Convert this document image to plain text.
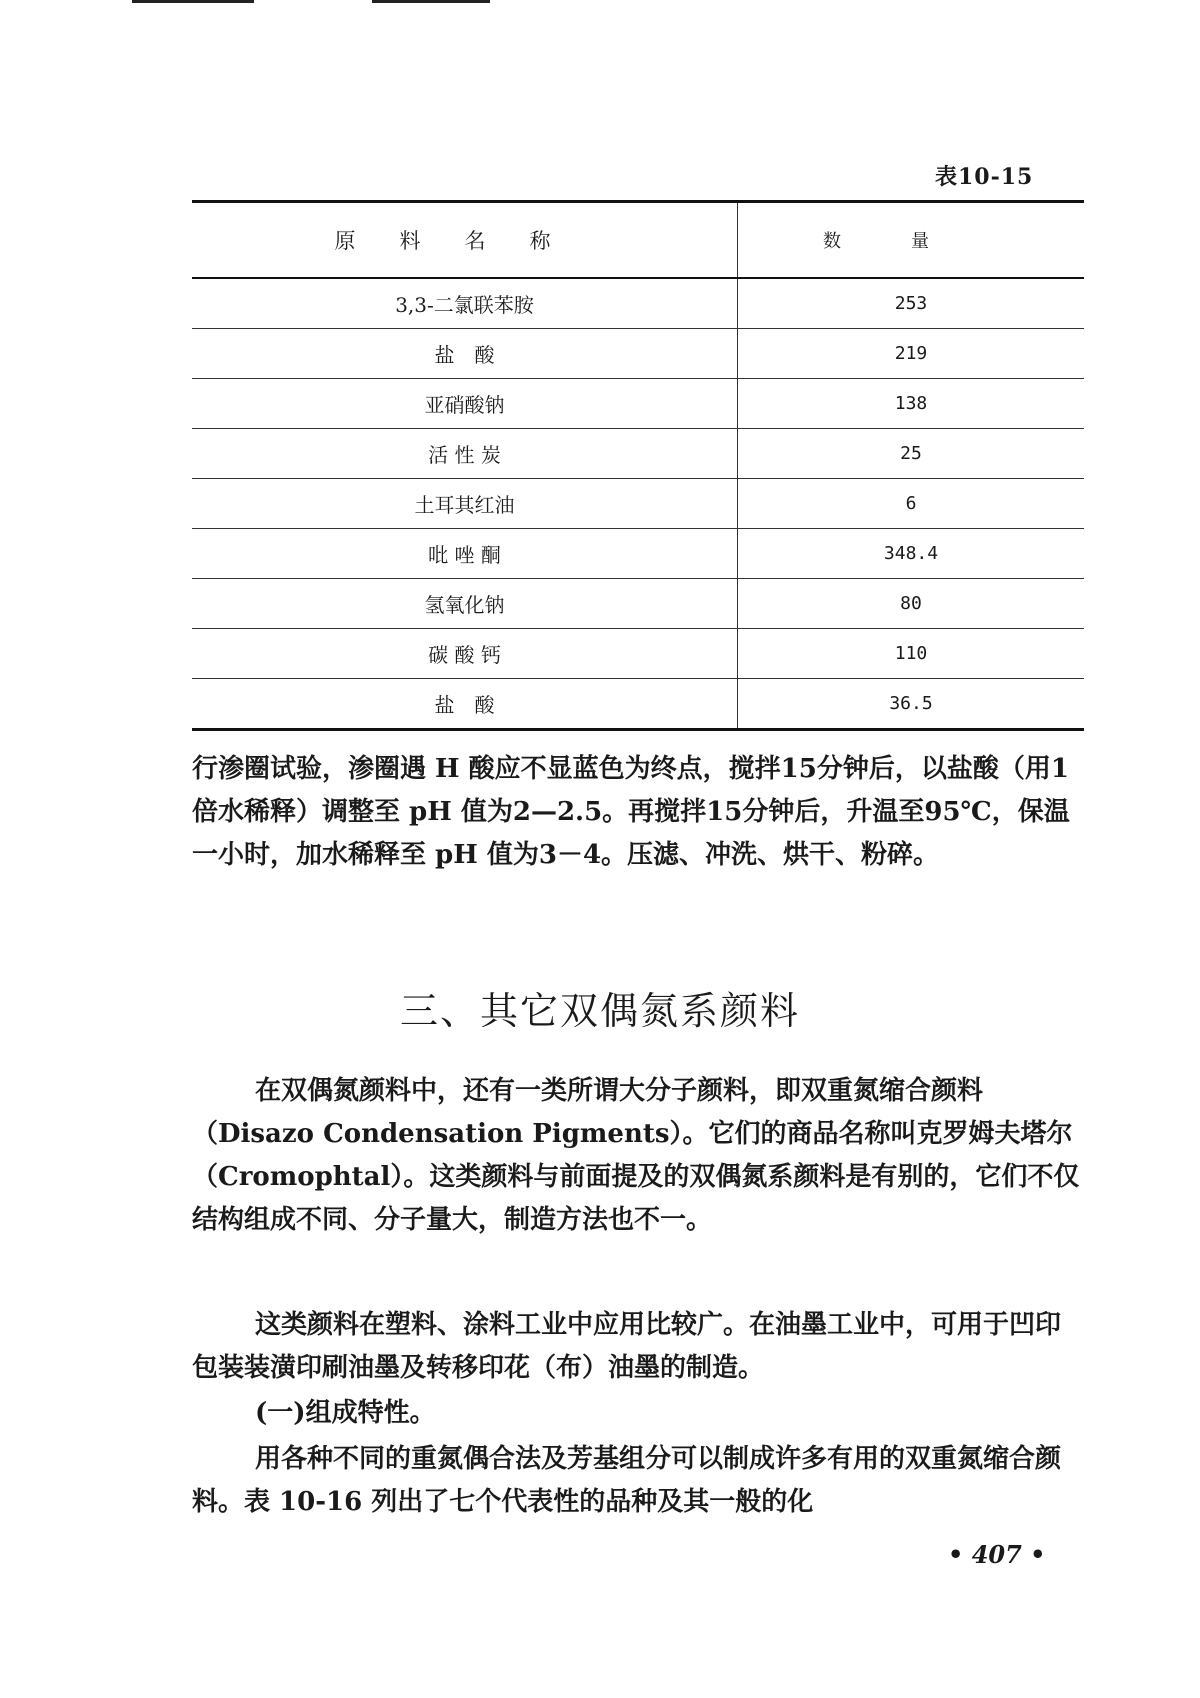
表10-15
原料名称	数量
3,3-二氯联苯胺	253
盐　酸	219
亚硝酸钠	138
活 性 炭	25
土耳其红油	6
吡 唑 酮	348.4
氢氧化钠	80
碳 酸 钙	110
盐　酸	36.5

行渗圈试验，渗圈遇 H 酸应不显蓝色为终点，搅拌15分钟后，以盐酸（用1倍水稀释）调整至 pH 值为2—2.5。再搅拌15分钟后，升温至95℃，保温一小时，加水稀释至 pH 值为3－4。压滤、冲洗、烘干、粉碎。

三、其它双偶氮系颜料

在双偶氮颜料中，还有一类所谓大分子颜料，即双重氮缩合颜料（Disazo Condensation Pigments）。它们的商品名称叫克罗姆夫塔尔（Cromophtal）。这类颜料与前面提及的双偶氮系颜料是有别的，它们不仅结构组成不同、分子量大，制造方法也不一。

这类颜料在塑料、涂料工业中应用比较广。在油墨工业中，可用于凹印包装装潢印刷油墨及转移印花（布）油墨的制造。

(一)组成特性。

用各种不同的重氮偶合法及芳基组分可以制成许多有用的双重氮缩合颜料。表 10-16 列出了七个代表性的品种及其一般的化

• 407 •
